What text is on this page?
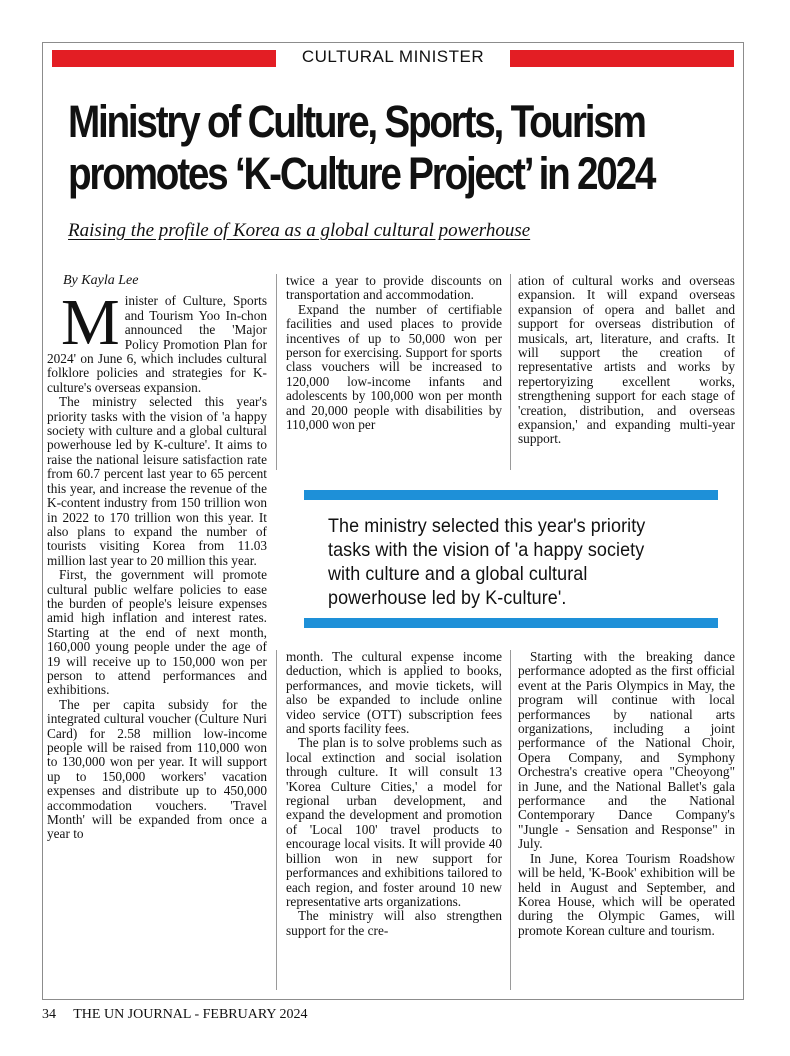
CULTURAL MINISTER
Ministry of Culture, Sports, Tourism
promotes ‘K-Culture Project’ in 2024
Raising the profile of Korea as a global cultural powerhouse
By Kayla Lee

Minister of Culture, Sports and Tourism Yoo In-chon announced the 'Major Policy Promotion Plan for 2024' on June 6, which includes cultural folklore policies and strategies for K-culture's overseas expansion.

The ministry selected this year's priority tasks with the vision of 'a happy society with culture and a global cultural powerhouse led by K-culture'. It aims to raise the national leisure satisfaction rate from 60.7 percent last year to 65 percent this year, and increase the revenue of the K-content industry from 150 trillion won in 2022 to 170 trillion won this year. It also plans to expand the number of tourists visiting Korea from 11.03 million last year to 20 million this year.

First, the government will promote cultural public welfare policies to ease the burden of people's leisure expenses amid high inflation and interest rates. Starting at the end of next month, 160,000 young people under the age of 19 will receive up to 150,000 won per person to attend performances and exhibitions.

The per capita subsidy for the integrated cultural voucher (Culture Nuri Card) for 2.58 million low-income people will be raised from 110,000 won to 130,000 won per year. It will support up to 150,000 workers' vacation expenses and distribute up to 450,000 accommodation vouchers. 'Travel Month' will be expanded from once a year to

twice a year to provide discounts on transportation and accommodation.

Expand the number of certifiable facilities and used places to provide incentives of up to 50,000 won per person for exercising. Support for sports class vouchers will be increased to 120,000 low-income infants and adolescents by 100,000 won per month and 20,000 people with disabilities by 110,000 won per

ation of cultural works and overseas expansion. It will expand overseas expansion of opera and ballet and support for overseas distribution of musicals, art, literature, and crafts. It will support the creation of representative artists and works by repertoryizing excellent works, strengthening support for each stage of 'creation, distribution, and overseas expansion,' and expanding multi-year support.

The ministry selected this year's priority tasks with the vision of 'a happy society with culture and a global cultural powerhouse led by K-culture'.

month. The cultural expense income deduction, which is applied to books, performances, and movie tickets, will also be expanded to include online video service (OTT) subscription fees and sports facility fees.

The plan is to solve problems such as local extinction and social isolation through culture. It will consult 13 'Korea Culture Cities,' a model for regional urban development, and expand the development and promotion of 'Local 100' travel products to encourage local visits. It will provide 40 billion won in new support for performances and exhibitions tailored to each region, and foster around 10 new representative arts organizations.

The ministry will also strengthen support for the cre-

Starting with the breaking dance performance adopted as the first official event at the Paris Olympics in May, the program will continue with local performances by national arts organizations, including a joint performance of the National Choir, Opera Company, and Symphony Orchestra's creative opera "Cheoyong" in June, and the National Ballet's gala performance and the National Contemporary Dance Company's "Jungle - Sensation and Response" in July.

In June, Korea Tourism Roadshow will be held, 'K-Book' exhibition will be held in August and September, and Korea House, which will be operated during the Olympic Games, will promote Korean culture and tourism.

34 THE UN JOURNAL - FEBRUARY 2024
